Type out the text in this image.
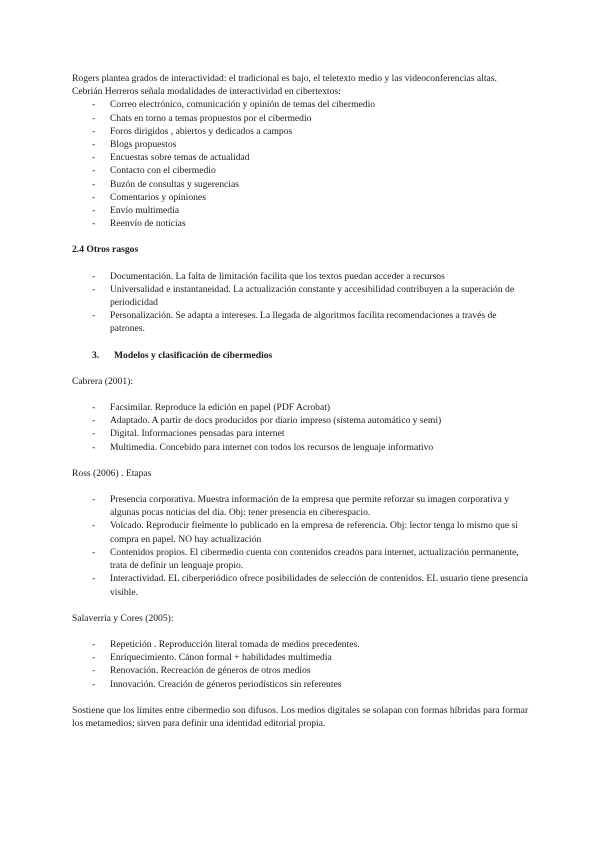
Rogers plantea grados de interactividad: el tradicional es bajo, el teletexto medio y las videoconferencias altas.

Cebrián Herreros señala modalidades de interactividad en cibertextos:

- Correo electrónico, comunicación y opinión de temas del cibermedio
- Chats en torno a temas propuestos por el cibermedio
- Foros dirigidos , abiertos y dedicados a campos
- Blogs propuestos
- Encuestas sobre temas de actualidad
- Contacto con el cibermedio
- Buzón de consultas y sugerencias
- Comentarios y opiniones
- Envío multimedia
- Reenvío de noticias
2.4 Otros rasgos
- Documentación. La falta de limitación facilita que los textos puedan acceder a recursos
- Universalidad e instantaneidad. La actualización constante y accesibilidad contribuyen a la superación de periodicidad
- Personalización. Se adapta a intereses. La llegada de algoritmos facilita recomendaciones a través de patrones.
3. Modelos y clasificación de cibermedios

Cabrera (2001):

- Facsimilar. Reproduce la edición en papel (PDF Acrobat)
- Adaptado. A partir de docs producidos por diario impreso (sistema automático y semi)
- Digital. Informaciones pensadas para internet
- Multimedia. Concebido para internet con todos los recursos de lenguaje informativo

Ross (2006) . Etapas

- Presencia corporativa. Muestra información de la empresa que permite reforzar su imagen corporativa y algunas pocas noticias del día. Obj: tener presencia en ciberespacio.
- Volcado. Reproducir fielmente lo publicado en la empresa de referencia. Obj: lector tenga lo mismo que si compra en papel. NO hay actualización
- Contenidos propios. El cibermedio cuenta con contenidos creados para internet, actualización permanente, trata de definir un lenguaje propio.
- Interactividad. EL ciberperiódico ofrece posibilidades de selección de contenidos. EL usuario tiene presencia visible.

Salaverría y Cores (2005):

- Repetición . Reproducción literal tomada de medios precedentes.
- Enriquecimiento. Cánon formal + habilidades multimedia
- Renovación. Recreación de géneros de otros medios
- Innovación. Creación de géneros periodísticos sin referentes

Sostiene que los límites entre cibermedio son difusos. Los medios digitales se solapan con formas híbridas para formar los metamedios; sirven para definir una identidad editorial propia.
